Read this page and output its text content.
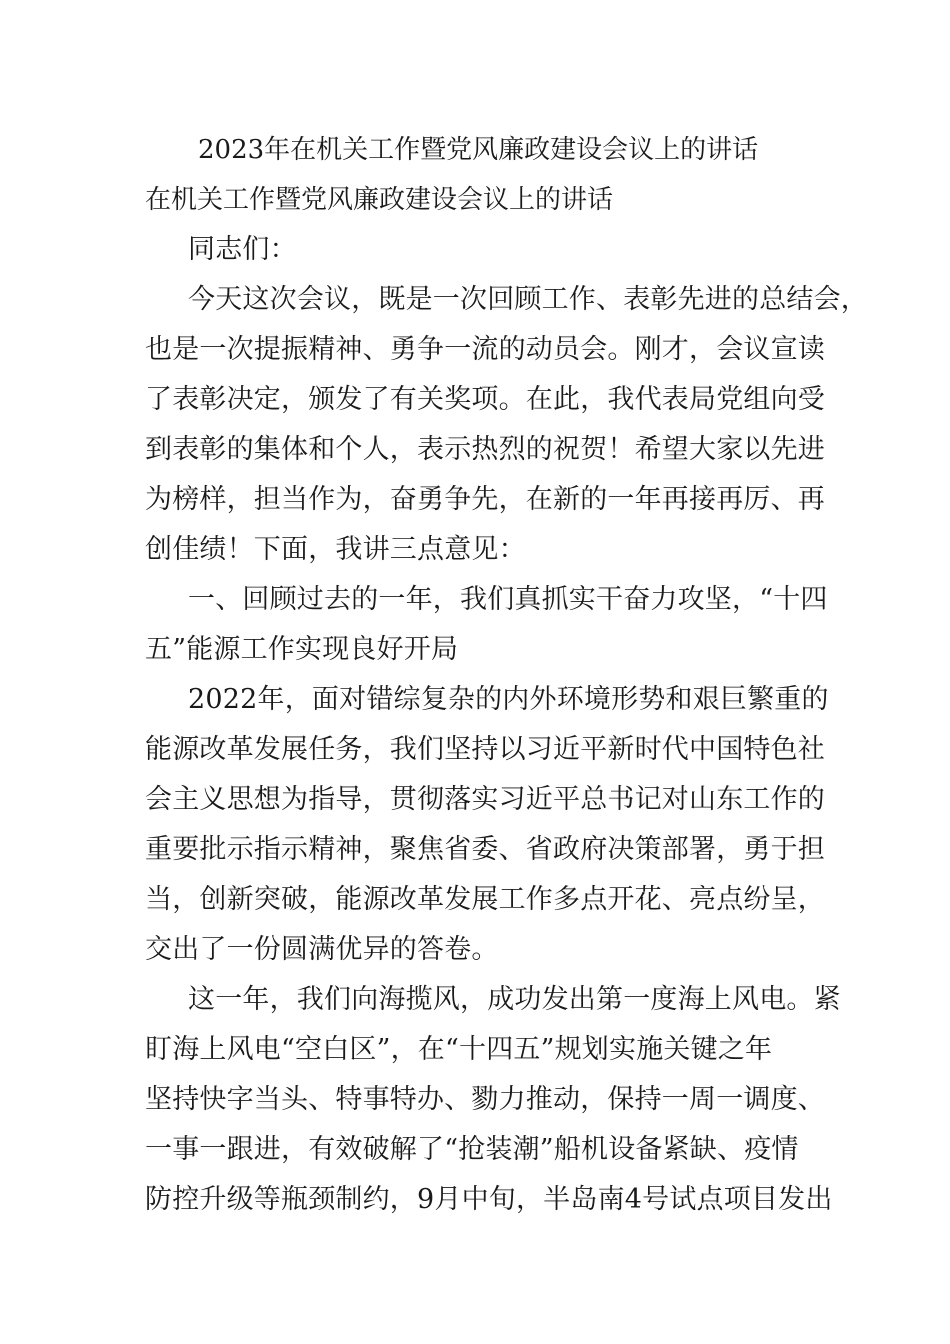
2023年在机关工作暨党风廉政建设会议上的讲话
在机关工作暨党风廉政建设会议上的讲话
同志们：
今天这次会议，既是一次回顾工作、表彰先进的总结会，
也是一次提振精神、勇争一流的动员会。刚才，会议宣读
了表彰决定，颁发了有关奖项。在此，我代表局党组向受
到表彰的集体和个人，表示热烈的祝贺！希望大家以先进
为榜样，担当作为，奋勇争先，在新的一年再接再厉、再
创佳绩！下面，我讲三点意见：
一、回顾过去的一年，我们真抓实干奋力攻坚，“十四
五”能源工作实现良好开局
2022年，面对错综复杂的内外环境形势和艰巨繁重的
能源改革发展任务，我们坚持以习近平新时代中国特色社
会主义思想为指导，贯彻落实习近平总书记对山东工作的
重要批示指示精神，聚焦省委、省政府决策部署，勇于担
当，创新突破，能源改革发展工作多点开花、亮点纷呈，
交出了一份圆满优异的答卷。
这一年，我们向海揽风，成功发出第一度海上风电。紧
盯海上风电“空白区”，在“十四五”规划实施关键之年
坚持快字当头、特事特办、勠力推动，保持一周一调度、
一事一跟进，有效破解了“抢装潮”船机设备紧缺、疫情
防控升级等瓶颈制约，9月中旬，半岛南4号试点项目发出
